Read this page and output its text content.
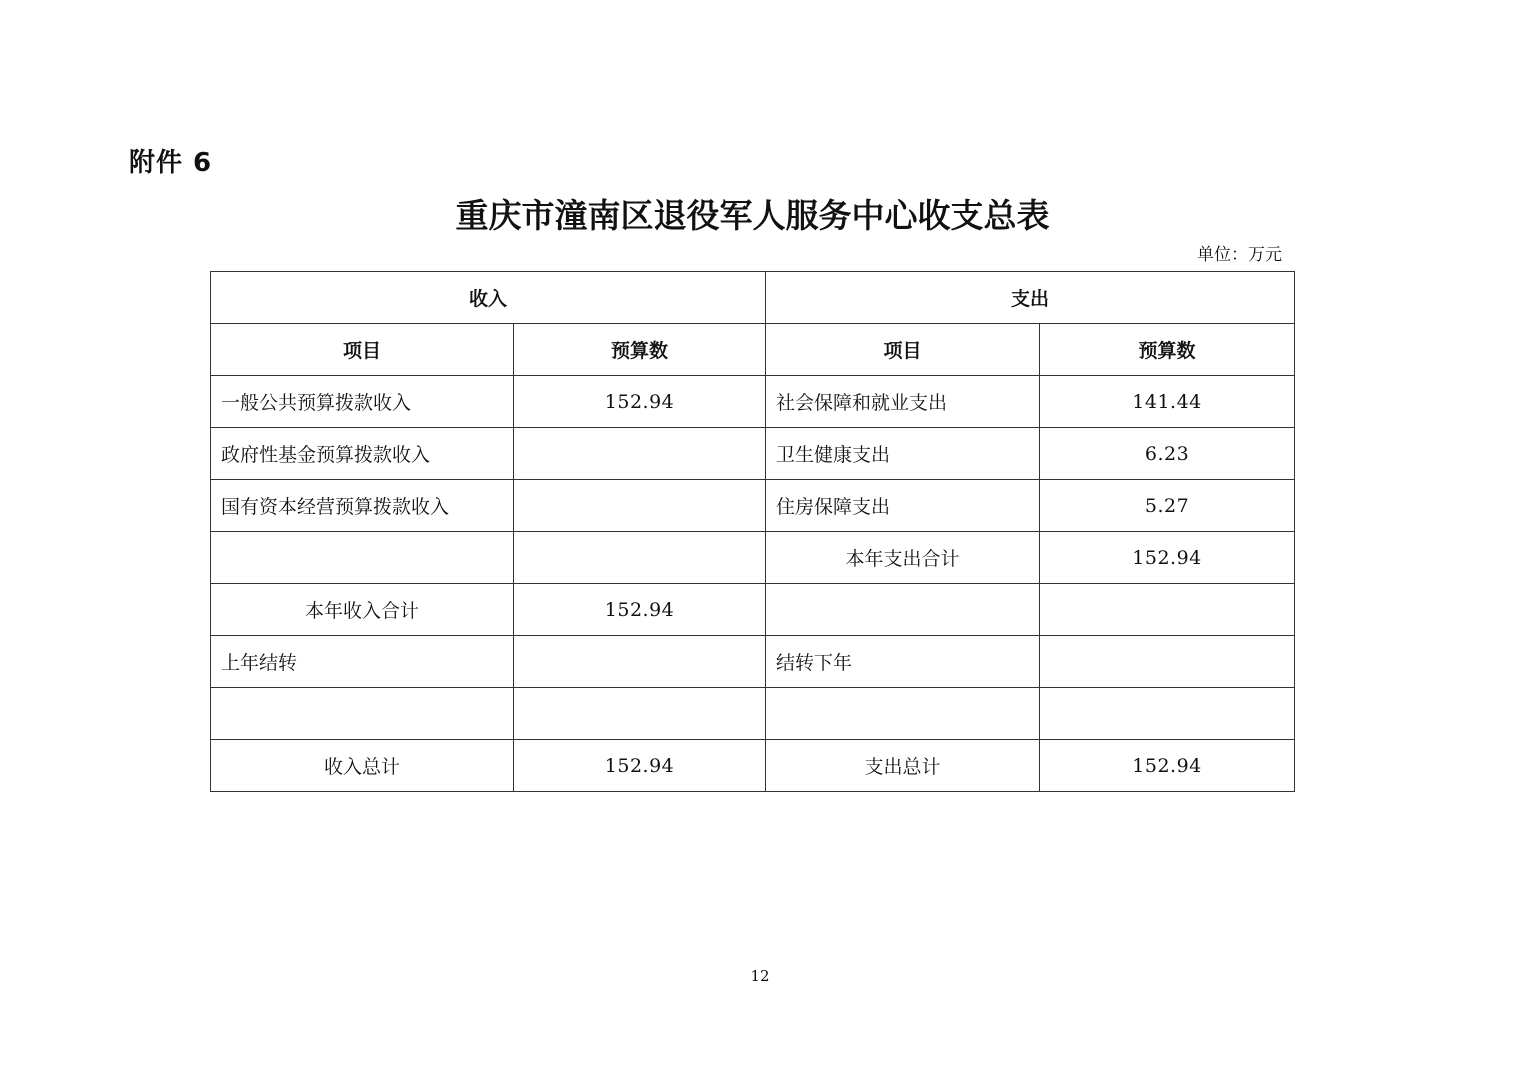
附件 6
重庆市潼南区退役军人服务中心收支总表
单位：万元
收入		支出	
项目	预算数	项目	预算数
一般公共预算拨款收入	152.94	社会保障和就业支出	141.44
政府性基金预算拨款收入		卫生健康支出	6.23
国有资本经营预算拨款收入		住房保障支出	5.27
		本年支出合计	152.94
本年收入合计	152.94		
上年结转		结转下年	

收入总计	152.94	支出总计	152.94
12
